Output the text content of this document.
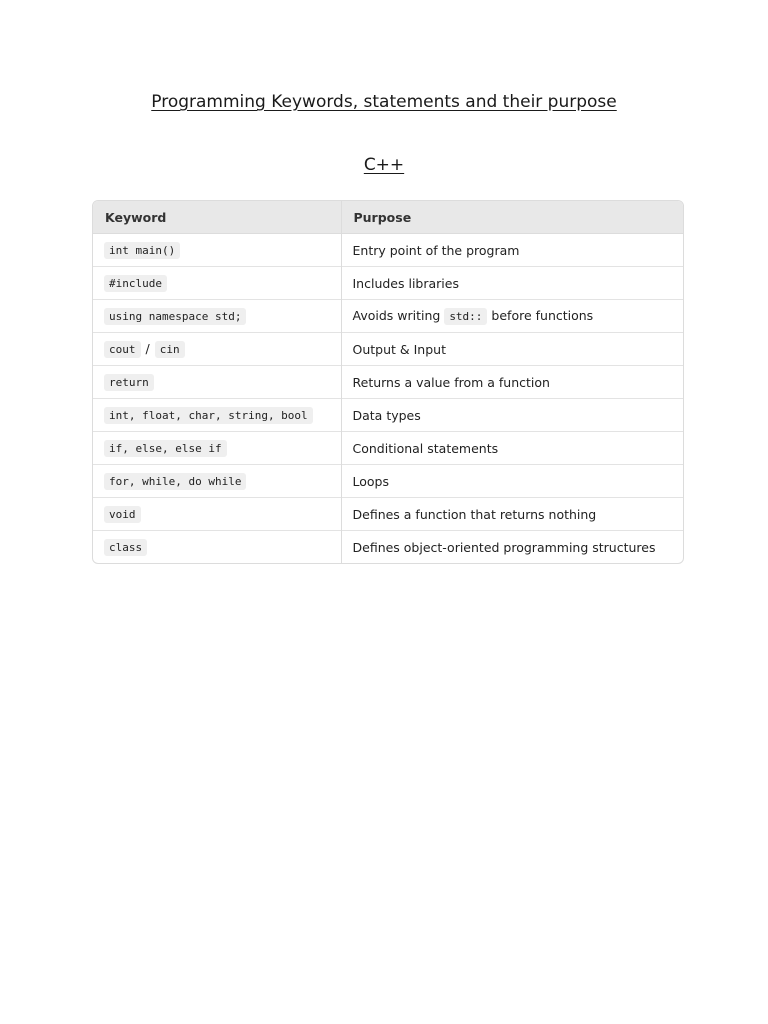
Programming Keywords, statements and their purpose
C++
Keyword	Purpose
int main()	Entry point of the program
#include	Includes libraries
using namespace std;	Avoids writing std:: before functions
cout / cin	Output & Input
return	Returns a value from a function
int, float, char, string, bool	Data types
if, else, else if	Conditional statements
for, while, do while	Loops
void	Defines a function that returns nothing
class	Defines object-oriented programming structures
